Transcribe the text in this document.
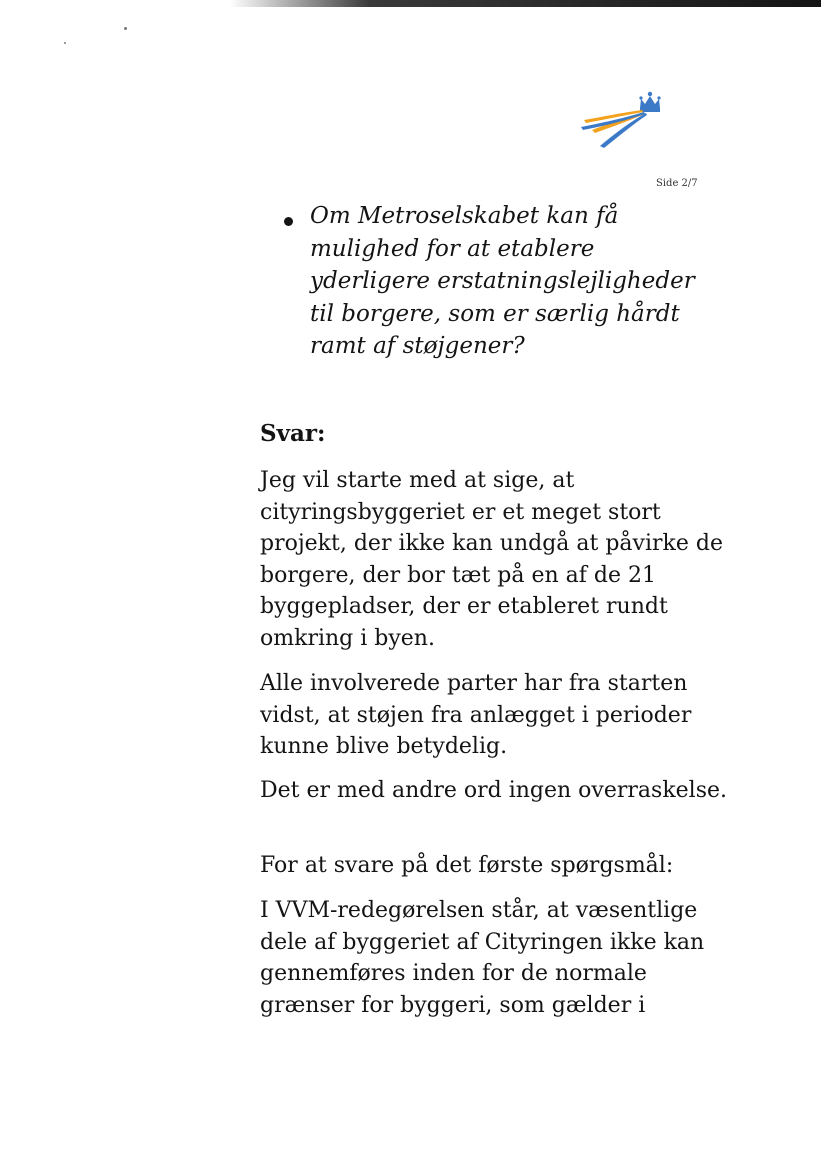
Side 2/7

Om Metroselskabet kan få mulighed for at etablere yderligere erstatningslejligheder til borgere, som er særlig hårdt ramt af støjgener?

Svar:

Jeg vil starte med at sige, at cityringsbyggeriet er et meget stort projekt, der ikke kan undgå at påvirke de borgere, der bor tæt på en af de 21 byggepladser, der er etableret rundt omkring i byen.

Alle involverede parter har fra starten vidst, at støjen fra anlægget i perioder kunne blive betydelig.

Det er med andre ord ingen overraskelse.

For at svare på det første spørgsmål:

I VVM-redegørelsen står, at væsentlige dele af byggeriet af Cityringen ikke kan gennemføres inden for de normale grænser for byggeri, som gælder i
